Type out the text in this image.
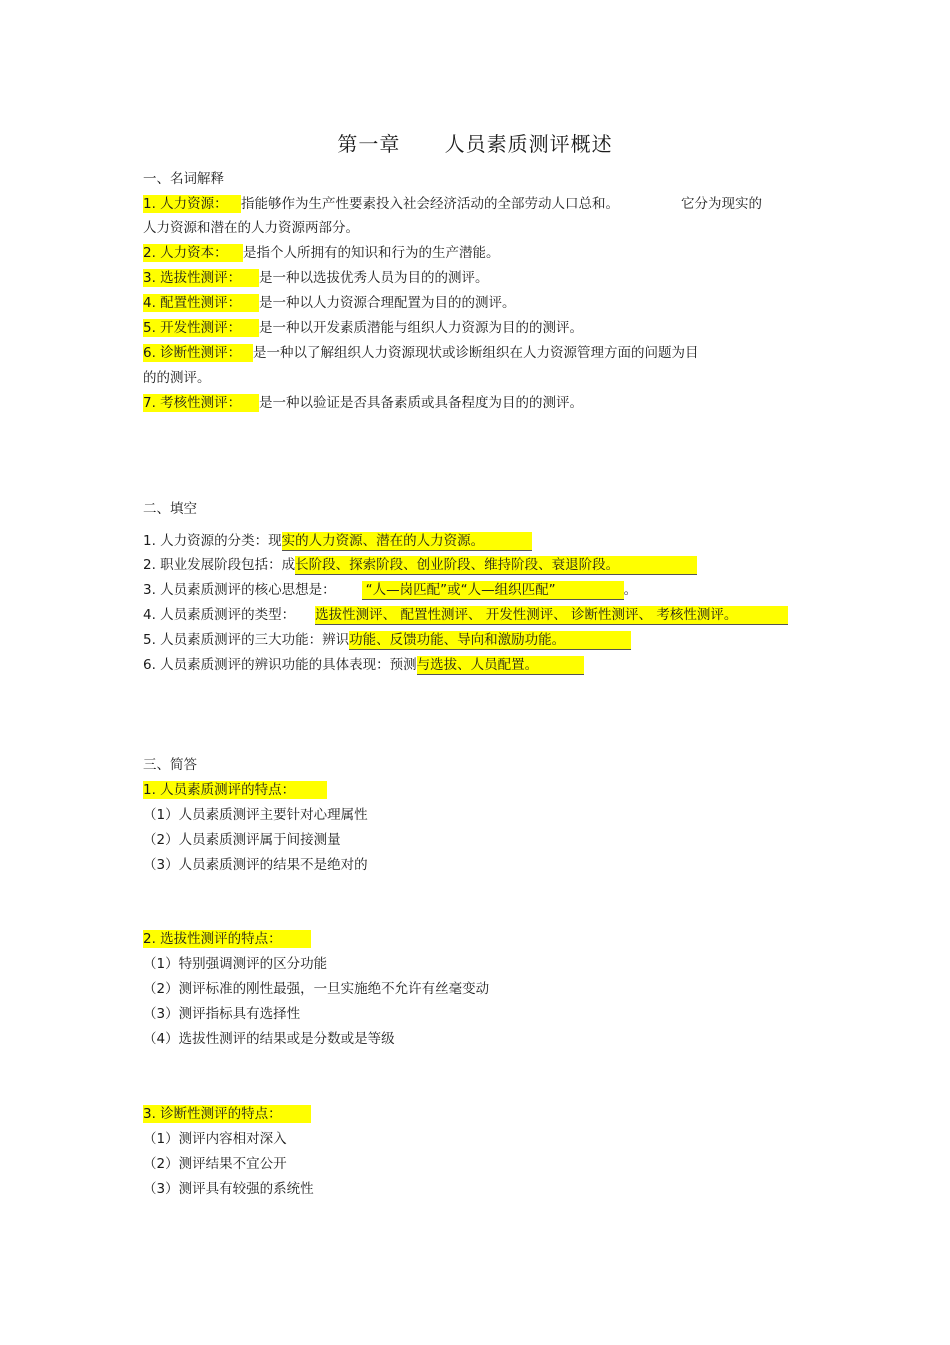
第一章 人员素质测评概述
一、名词解释
1. 人力资源： 指能够作为生产性要素投入社会经济活动的全部劳动人口总和。	它分为现实的
人力资源和潜在的人力资源两部分。
2. 人力资本： 是指个人所拥有的知识和行为的生产潜能。
3. 选拔性测评： 是一种以选拔优秀人员为目的的测评。
4. 配置性测评： 是一种以人力资源合理配置为目的的测评。
5. 开发性测评： 是一种以开发素质潜能与组织人力资源为目的的测评。
6. 诊断性测评： 是一种以了解组织人力资源现状或诊断组织在人力资源管理方面的问题为目
的的测评。
7. 考核性测评： 是一种以验证是否具备素质或具备程度为目的的测评。
二、填空
1. 人力资源的分类：现实的人力资源、潜在的人力资源。
2. 职业发展阶段包括：成长阶段、探索阶段、创业阶段、维持阶段、衰退阶段。
3. 人员素质测评的核心思想是： “人—岗匹配”或“人—组织匹配”	。
4. 人员素质测评的类型： 选拔性测评、 配置性测评、 开发性测评、 诊断性测评、 考核性测评。
5. 人员素质测评的三大功能：辨识功能、反馈功能、导向和激励功能。
6. 人员素质测评的辨识功能的具体表现：预测与选拔、人员配置。
三、简答
1. 人员素质测评的特点：
（1）人员素质测评主要针对心理属性
（2）人员素质测评属于间接测量
（3）人员素质测评的结果不是绝对的
2. 选拔性测评的特点：
（1）特别强调测评的区分功能
（2）测评标准的刚性最强，一旦实施绝不允许有丝毫变动
（3）测评指标具有选择性
（4）选拔性测评的结果或是分数或是等级
3. 诊断性测评的特点：
（1）测评内容相对深入
（2）测评结果不宜公开
（3）测评具有较强的系统性
